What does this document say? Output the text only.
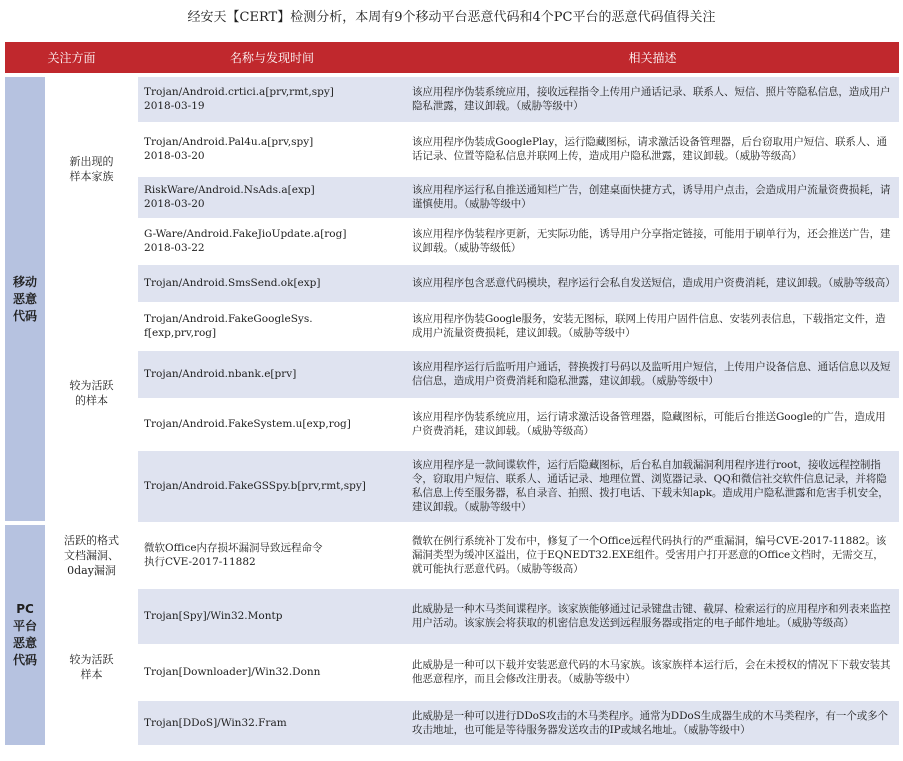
经安天【CERT】检测分析，本周有9个移动平台恶意代码和4个PC平台的恶意代码值得关注
关注方面		名称与发现时间	相关描述
移动
恶意
代码	新出现的
样本家族	Trojan/Android.crtici.a[prv,rmt,spy]
2018-03-19	该应用程序伪装系统应用，接收远程指令上传用户通话记录、联系人、短信、照片等隐私信息，造成用户隐私泄露，建议卸载。（威胁等级中）
		Trojan/Android.Pal4u.a[prv,spy]
2018-03-20	该应用程序伪装成GooglePlay，运行隐藏图标，请求激活设备管理器，后台窃取用户短信、联系人、通话记录、位置等隐私信息并联网上传，造成用户隐私泄露，建议卸载。（威胁等级高）
		RiskWare/Android.NsAds.a[exp]
2018-03-20	该应用程序运行私自推送通知栏广告，创建桌面快捷方式，诱导用户点击，会造成用户流量资费损耗，请谨慎使用。（威胁等级中）
		G-Ware/Android.FakeJioUpdate.a[rog]
2018-03-22	该应用程序伪装程序更新，无实际功能，诱导用户分享指定链接，可能用于刷单行为，还会推送广告，建议卸载。（威胁等级低）
	较为活跃
的样本	Trojan/Android.SmsSend.ok[exp]	该应用程序包含恶意代码模块，程序运行会私自发送短信，造成用户资费消耗，建议卸载。（威胁等级高）
		Trojan/Android.FakeGoogleSys.
f[exp,prv,rog]	该应用程序伪装Google服务，安装无图标，联网上传用户固件信息、安装列表信息，下载指定文件，造成用户流量资费损耗，建议卸载。（威胁等级中）
		Trojan/Android.nbank.e[prv]	该应用程序运行后监听用户通话，替换拨打号码以及监听用户短信，上传用户设备信息、通话信息以及短信信息，造成用户资费消耗和隐私泄露，建议卸载。（威胁等级中）
		Trojan/Android.FakeSystem.u[exp,rog]	该应用程序伪装系统应用，运行请求激活设备管理器，隐藏图标，可能后台推送Google的广告，造成用户资费消耗，建议卸载。（威胁等级高）
		Trojan/Android.FakeGSSpy.b[prv,rmt,spy]	该应用程序是一款间谍软件，运行后隐藏图标，后台私自加载漏洞利用程序进行root，接收远程控制指令，窃取用户短信、联系人、通话记录、地理位置、浏览器记录、QQ和微信社交软件信息记录，并将隐私信息上传至服务器，私自录音、拍照、拨打电话、下载未知apk。造成用户隐私泄露和危害手机安全，建议卸载。（威胁等级中）
PC
平台
恶意
代码	活跃的格式
文档漏洞、
0day漏洞	微软Office内存损坏漏洞导致远程命令
执行CVE-2017-11882	微软在例行系统补丁发布中，修复了一个Office远程代码执行的严重漏洞，编号CVE-2017-11882。该漏洞类型为缓冲区溢出，位于EQNEDT32.EXE组件。受害用户打开恶意的Office文档时，无需交互，就可能执行恶意代码。（威胁等级高）
	较为活跃
样本	Trojan[Spy]/Win32.Montp	此威胁是一种木马类间谍程序。该家族能够通过记录键盘击键、截屏、检索运行的应用程序和列表来监控用户活动。该家族会将获取的机密信息发送到远程服务器或指定的电子邮件地址。（威胁等级高）
		Trojan[Downloader]/Win32.Donn	此威胁是一种可以下载并安装恶意代码的木马家族。该家族样本运行后，会在未授权的情况下下载安装其他恶意程序，而且会修改注册表。（威胁等级中）
		Trojan[DDoS]/Win32.Fram	此威胁是一种可以进行DDoS攻击的木马类程序。通常为DDoS生成器生成的木马类程序，有一个或多个攻击地址，也可能是等待服务器发送攻击的IP或域名地址。（威胁等级中）
